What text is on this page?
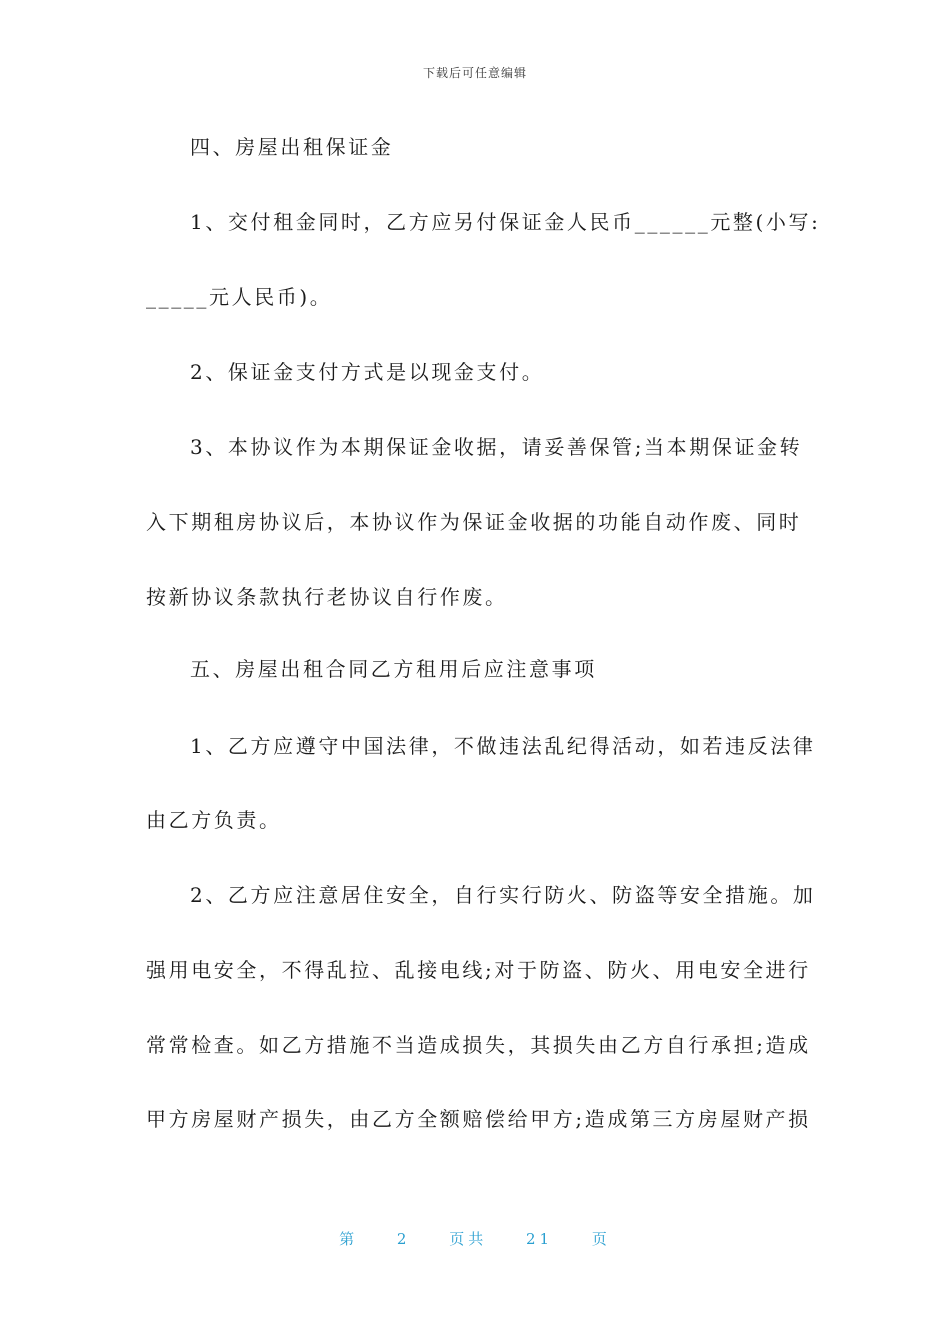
下载后可任意编辑
四、房屋出租保证金
1、交付租金同时，乙方应另付保证金人民币______元整(小写:
_____元人民币)。
2、保证金支付方式是以现金支付。
3、本协议作为本期保证金收据，请妥善保管;当本期保证金转
入下期租房协议后，本协议作为保证金收据的功能自动作废、同时
按新协议条款执行老协议自行作废。
五、房屋出租合同乙方租用后应注意事项
1、乙方应遵守中国法律，不做违法乱纪得活动，如若违反法律
由乙方负责。
2、乙方应注意居住安全，自行实行防火、防盗等安全措施。加
强用电安全，不得乱拉、乱接电线;对于防盗、防火、用电安全进行
常常检查。如乙方措施不当造成损失，其损失由乙方自行承担;造成
甲方房屋财产损失，由乙方全额赔偿给甲方;造成第三方房屋财产损
第	2	页共	21	页
